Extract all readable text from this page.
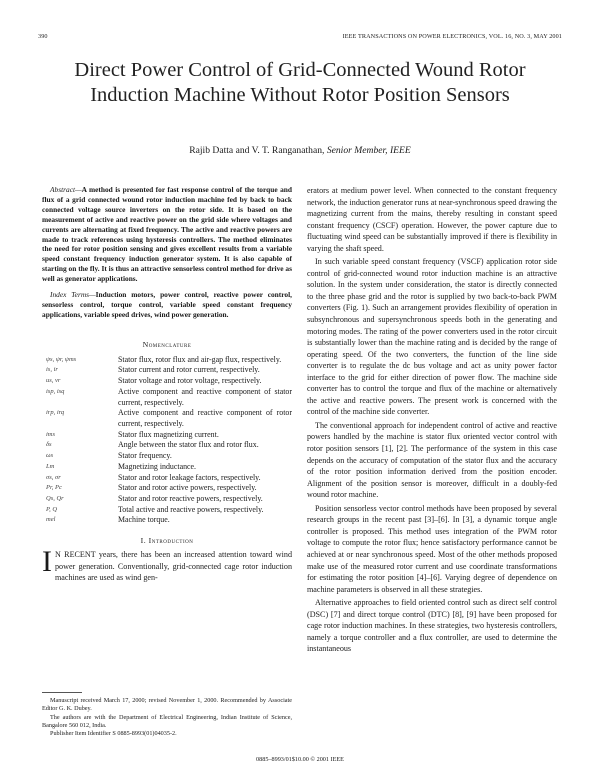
390	IEEE TRANSACTIONS ON POWER ELECTRONICS, VOL. 16, NO. 3, MAY 2001
Direct Power Control of Grid-Connected Wound Rotor Induction Machine Without Rotor Position Sensors
Rajib Datta and V. T. Ranganathan, Senior Member, IEEE

Abstract—A method is presented for fast response control of the torque and flux of a grid connected wound rotor induction machine fed by back to back connected voltage source inverters on the rotor side. It is based on the measurement of active and reactive power on the grid side where voltages and currents are alternating at fixed frequency. The active and reactive powers are made to track references using hysteresis controllers. The method eliminates the need for rotor position sensing and gives excellent results from a variable speed constant frequency induction generator system. It is also capable of starting on the fly. It is thus an attractive sensorless control method for drive as well as generator applications.

Index Terms—Induction motors, power control, reactive power control, sensorless control, torque control, variable speed constant frequency applications, variable speed drives, wind power generation.

Nomenclature

ψs, ψr, ψms	Stator flux, rotor flux and air-gap flux, respectively.
is, ir	Stator current and rotor current, respectively.
us, vr	Stator voltage and rotor voltage, respectively.
isp, isq	Active component and reactive component of stator current, respectively.
irp, irq	Active component and reactive component of rotor current, respectively.
ims	Stator flux magnetizing current.
δs	Angle between the stator flux and rotor flux.
ωs	Stator frequency.
Lm	Magnetizing inductance.
σs, σr	Stator and rotor leakage factors, respectively.
Pr, Pc	Stator and rotor active powers, respectively.
Qs, Qr	Stator and rotor reactive powers, respectively.
P, Q	Total active and reactive powers, respectively.
mel	Machine torque.

I. Introduction

I N RECENT years, there has been an increased attention toward wind power generation. Conventionally, grid-connected cage rotor induction machines are used as wind gen-

Manuscript received March 17, 2000; revised November 1, 2000. Recommended by Associate Editor G. K. Dubey.

The authors are with the Department of Electrical Engineering, Indian Institute of Science, Bangalore 560 012, India.

Publisher Item Identifier S 0885-8993(01)04035-2.

erators at medium power level. When connected to the constant frequency network, the induction generator runs at near-synchronous speed drawing the magnetizing current from the mains, thereby resulting in constant speed constant frequency (CSCF) operation. However, the power capture due to fluctuating wind speed can be substantially improved if there is flexibility in varying the shaft speed.

In such variable speed constant frequency (VSCF) application rotor side control of grid-connected wound rotor induction machine is an attractive solution. In the system under consideration, the stator is directly connected to the three phase grid and the rotor is supplied by two back-to-back PWM converters (Fig. 1). Such an arrangement provides flexibility of operation in subsynchronous and supersynchronous speeds both in the generating and motoring modes. The rating of the power converters used in the rotor circuit is substantially lower than the machine rating and is decided by the range of operating speed. Of the two converters, the function of the line side converter is to regulate the dc bus voltage and act as unity power factor interface to the grid for either direction of power flow. The machine side converter has to control the torque and flux of the machine or alternatively the active and reactive powers. The present work is concerned with the control of the machine side converter.

The conventional approach for independent control of active and reactive powers handled by the machine is stator flux oriented vector control with rotor position sensors [1], [2]. The performance of the system in this case depends on the accuracy of computation of the stator flux and the accuracy of the rotor position information derived from the position encoder. Alignment of the position sensor is moreover, difficult in a doubly-fed wound rotor machine.

Position sensorless vector control methods have been proposed by several research groups in the recent past [3]–[6]. In [3], a dynamic torque angle controller is proposed. This method uses integration of the PWM rotor voltage to compute the rotor flux; hence satisfactory performance cannot be achieved at or near synchronous speed. Most of the other methods proposed make use of the measured rotor current and use coordinate transformations for estimating the rotor position [4]–[6]. Varying degree of dependence on machine parameters is observed in all these strategies.

Alternative approaches to field oriented control such as direct self control (DSC) [7] and direct torque control (DTC) [8], [9] have been proposed for cage rotor induction machines. In these strategies, two hysteresis controllers, namely a torque controller and a flux controller, are used to determine the instantaneous

0885–8993/01$10.00 © 2001 IEEE
